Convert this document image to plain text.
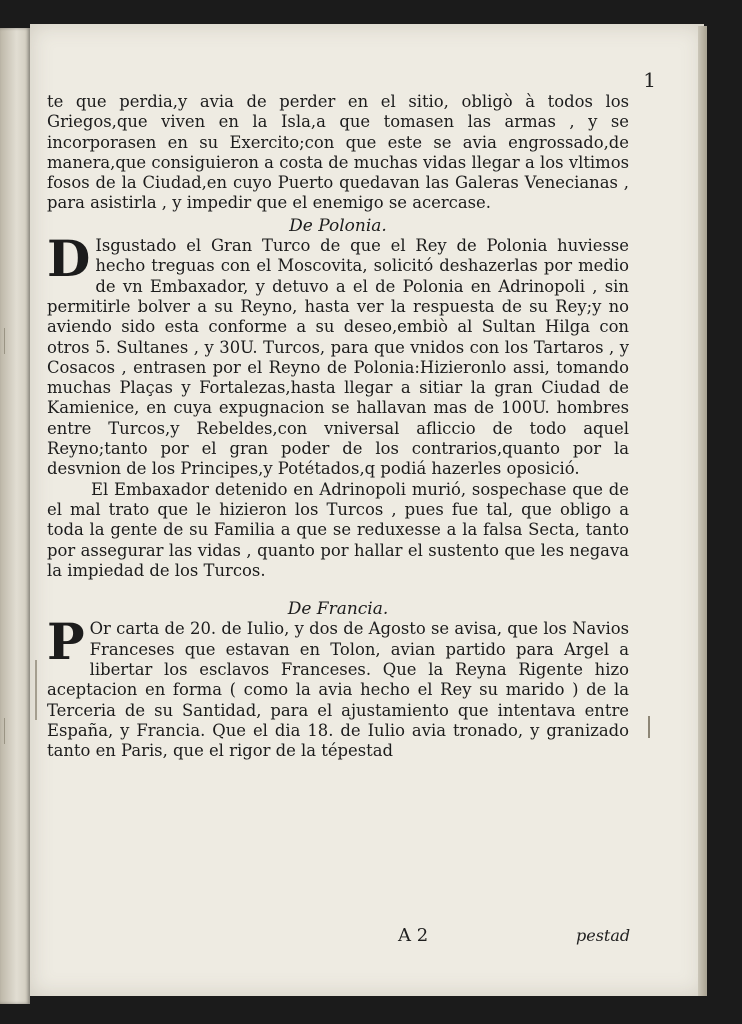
1

te que perdia,y avia de perder en el sitio, obligò à todos los Griegos,que viven en la Isla,a que tomasen las armas , y se incorporasen en su Exercito;con que este se avia engrossado,de manera,que consiguieron a costa de muchas vidas llegar a los vltimos fosos de la Ciudad,en cuyo Puerto quedavan las Galeras Venecianas , para asistirla , y impedir que el enemigo se acercase.

De Polonia.

D Isgustado el Gran Turco de que el Rey de Polonia huviesse hecho treguas con el Moscovita, solicitó deshazerlas por medio de vn Embaxador, y detuvo a el de Polonia en Adrinopoli , sin permitirle bolver a su Reyno, hasta ver la respuesta de su Rey;y no aviendo sido esta conforme a su deseo,embiò al Sultan Hilga con otros 5. Sultanes , y 30U. Turcos, para que vnidos con los Tartaros , y Cosacos , entrasen por el Reyno de Polonia:Hizieronlo assi, tomando muchas Plaças y Fortalezas,hasta llegar a sitiar la gran Ciudad de Kamienice, en cuya expugnacion se hallavan mas de 100U. hombres entre Turcos,y Rebeldes,con vniversal afliccio de todo aquel Reyno;tanto por el gran poder de los contrarios,quanto por la desvnion de los Principes,y Potétados,q podiá hazerles oposició.

El Embaxador detenido en Adrinopoli murió, sospechase que de el mal trato que le hizieron los Turcos , pues fue tal, que obligo a toda la gente de su Familia a que se reduxesse a la falsa Secta, tanto por assegurar las vidas , quanto por hallar el sustento que les negava la impiedad de los Turcos.

De Francia.

P Or carta de 20. de Iulio, y dos de Agosto se avisa, que los Navios Franceses que estavan en Tolon, avian partido para Argel a libertar los esclavos Franceses. Que la Reyna Rigente hizo aceptacion en forma ( como la avia hecho el Rey su marido ) de la Terceria de su Santidad, para el ajustamiento que intentava entre España, y Francia. Que el dia 18. de Iulio avia tronado, y granizado tanto en Paris, que el rigor de la tépestad

A 2	pestad
